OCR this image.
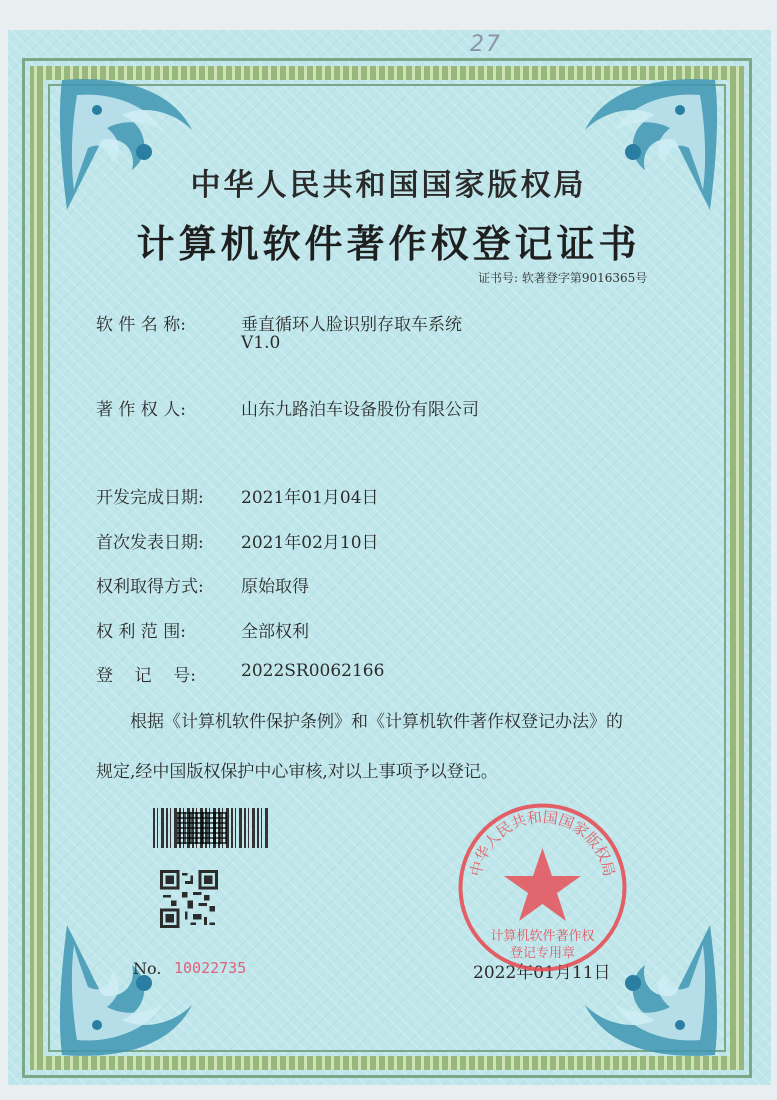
27
中华人民共和国国家版权局
计算机软件著作权登记证书
证书号: 软著登字第9016365号
软 件 名 称:	垂直循环人脸识别存取车系统
V1.0
著 作 权 人:	山东九路泊车设备股份有限公司
开发完成日期: 2021年01月04日
首次发表日期: 2021年02月10日
权利取得方式: 原始取得
权 利 范 围:	全部权利
登    记    号:	2022SR0062166
根据《计算机软件保护条例》和《计算机软件著作权登记办法》的
规定,经中国版权保护中心审核,对以上事项予以登记。
No. 10022735	2022年01月11日
中华人民共和国国家版权局
计算机软件著作权
登记专用章
